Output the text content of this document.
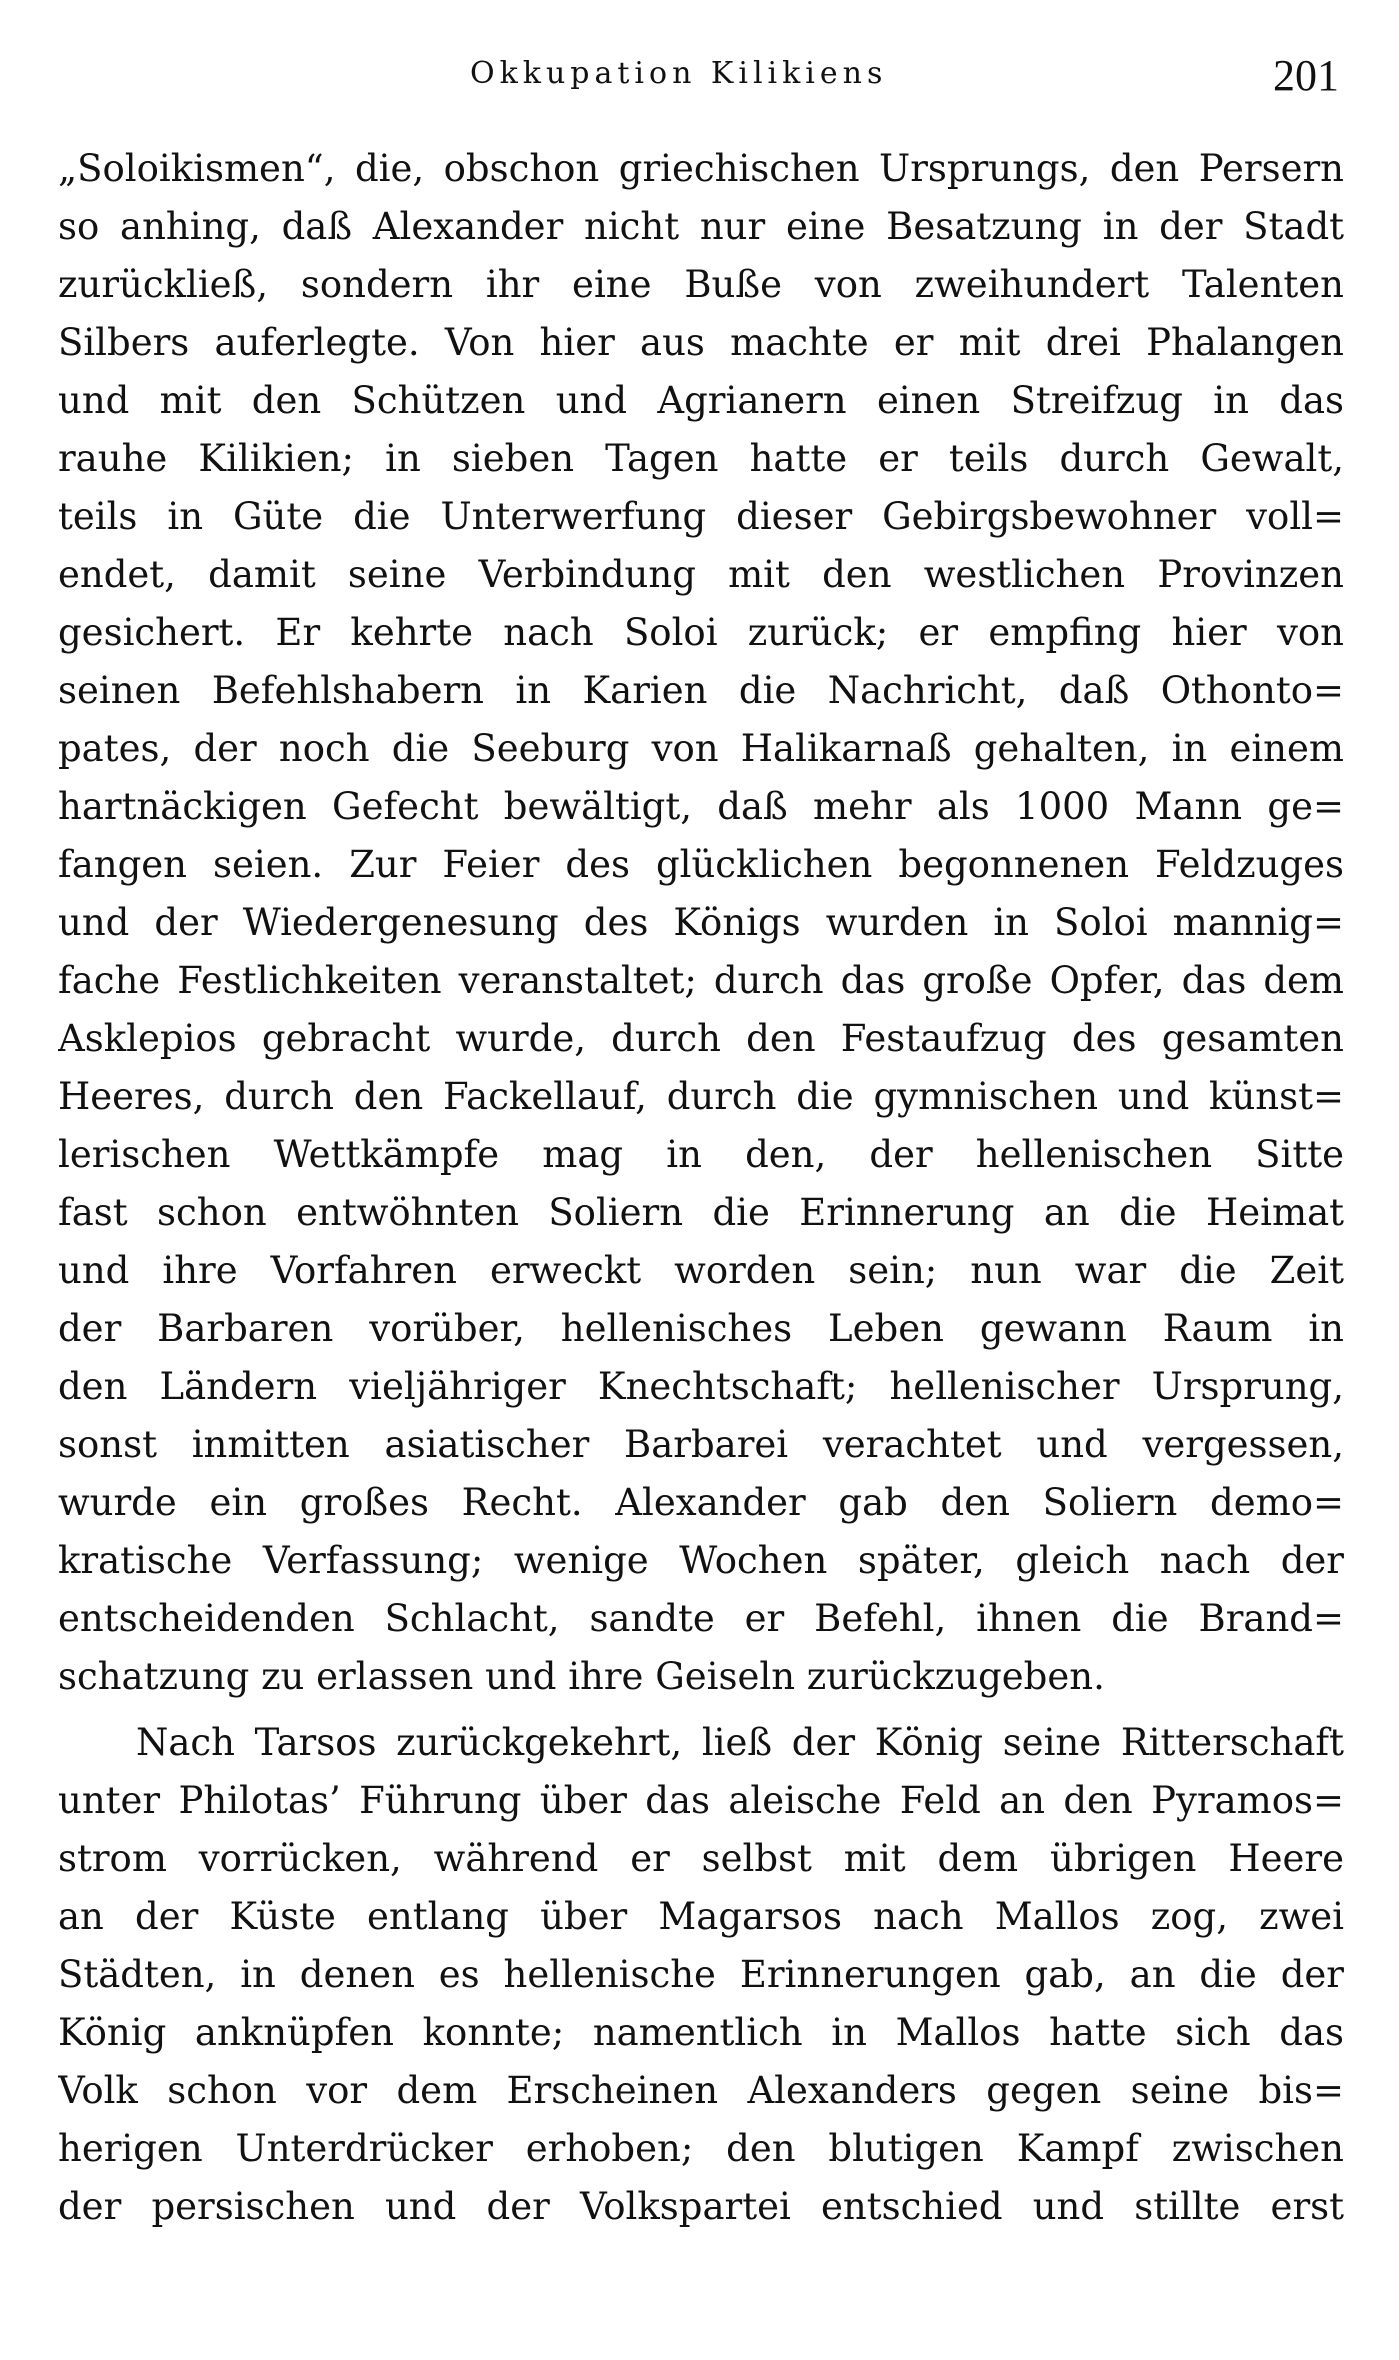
Okkupation Kilikiens	201
„Soloikismen“, die, obschon griechischen Ursprungs, den Persern
so anhing, daß Alexander nicht nur eine Besatzung in der Stadt
zurückließ, sondern ihr eine Buße von zweihundert Talenten
Silbers auferlegte. Von hier aus machte er mit drei Phalangen
und mit den Schützen und Agrianern einen Streifzug in das
rauhe Kilikien; in sieben Tagen hatte er teils durch Gewalt,
teils in Güte die Unterwerfung dieser Gebirgsbewohner voll=
endet, damit seine Verbindung mit den westlichen Provinzen
gesichert. Er kehrte nach Soloi zurück; er empfing hier von
seinen Befehlshabern in Karien die Nachricht, daß Othonto=
pates, der noch die Seeburg von Halikarnaß gehalten, in einem
hartnäckigen Gefecht bewältigt, daß mehr als 1000 Mann ge=
fangen seien. Zur Feier des glücklichen begonnenen Feldzuges
und der Wiedergenesung des Königs wurden in Soloi mannig=
fache Festlichkeiten veranstaltet; durch das große Opfer, das dem
Asklepios gebracht wurde, durch den Festaufzug des gesamten
Heeres, durch den Fackellauf, durch die gymnischen und künst=
lerischen Wettkämpfe mag in den, der hellenischen Sitte
fast schon entwöhnten Soliern die Erinnerung an die Heimat
und ihre Vorfahren erweckt worden sein; nun war die Zeit
der Barbaren vorüber, hellenisches Leben gewann Raum in
den Ländern vieljähriger Knechtschaft; hellenischer Ursprung,
sonst inmitten asiatischer Barbarei verachtet und vergessen,
wurde ein großes Recht. Alexander gab den Soliern demo=
kratische Verfassung; wenige Wochen später, gleich nach der
entscheidenden Schlacht, sandte er Befehl, ihnen die Brand=
schatzung zu erlassen und ihre Geiseln zurückzugeben.
Nach Tarsos zurückgekehrt, ließ der König seine Ritterschaft
unter Philotas’ Führung über das aleische Feld an den Pyramos=
strom vorrücken, während er selbst mit dem übrigen Heere
an der Küste entlang über Magarsos nach Mallos zog, zwei
Städten, in denen es hellenische Erinnerungen gab, an die der
König anknüpfen konnte; namentlich in Mallos hatte sich das
Volk schon vor dem Erscheinen Alexanders gegen seine bis=
herigen Unterdrücker erhoben; den blutigen Kampf zwischen
der persischen und der Volkspartei entschied und stillte erst
